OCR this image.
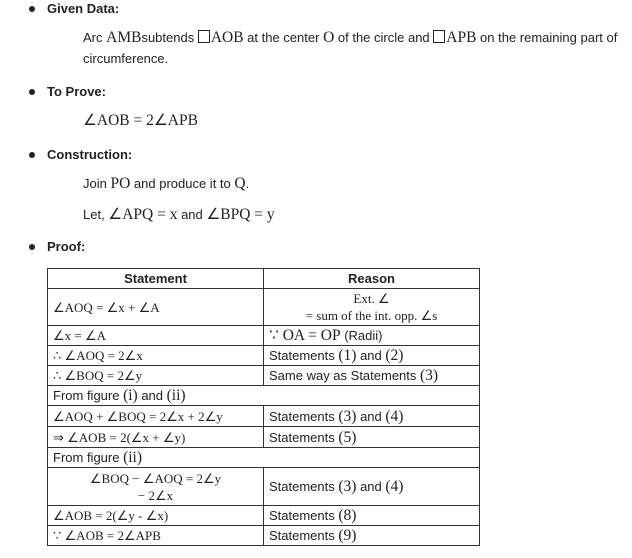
Given Data:
Arc AMBsubtends AOB at the center O of the circle and APB on the remaining part of
circumference.
To Prove:
∠AOB = 2∠APB
Construction:
Join PO and produce it to Q.
Let, ∠APQ = x and ∠BPQ = y
Proof:
Statement	Reason
∠AOQ = ∠x + ∠A	Ext. ∠
= sum of the int. opp. ∠s

∠x = ∠A	∵ OA = OP (Radii)
∴ ∠AOQ = 2∠x	Statements (1) and (2)
∴ ∠BOQ = 2∠y	Same way as Statements (3)
From figure (i) and (ii)	
∠AOQ + ∠BOQ = 2∠x + 2∠y	Statements (3) and (4)
⇒ ∠AOB = 2(∠x + ∠y)	Statements (5)
From figure (ii)	

∠BOQ − ∠AOQ = 2∠y
− 2∠x	Statements (3) and (4)
∠AOB = 2(∠y - ∠x)	Statements (8)
∵ ∠AOB = 2∠APB	Statements (9)
